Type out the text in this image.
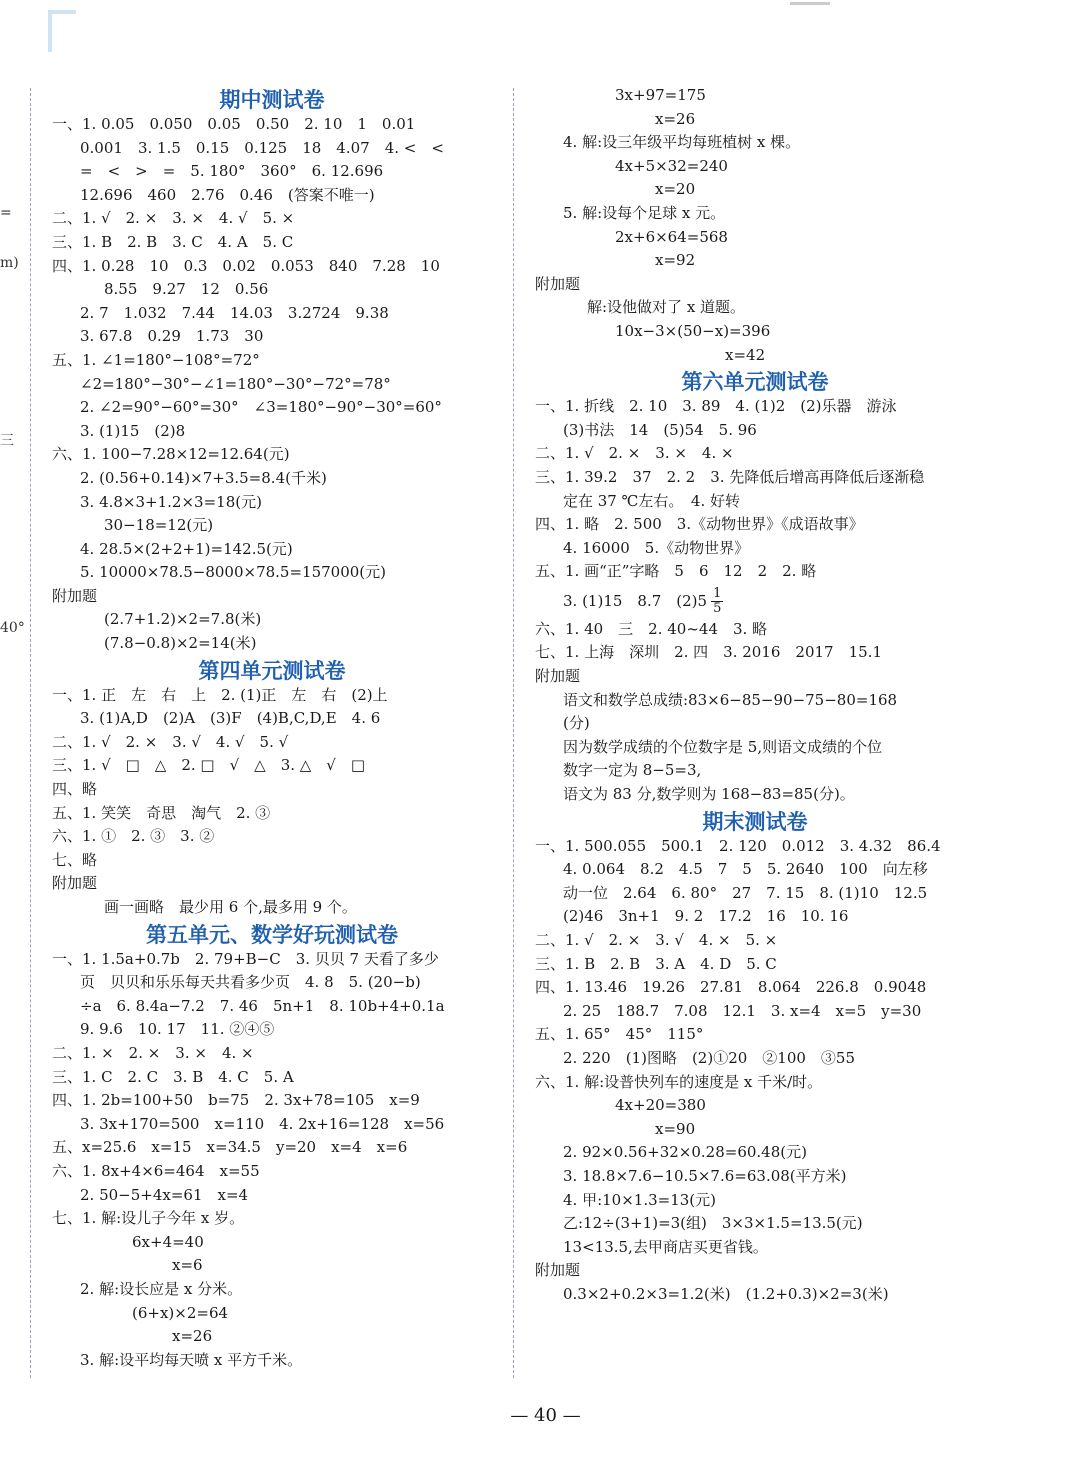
=
m)
三
40°
期中测试卷
一、1. 0.05　0.050　0.05　0.50　2. 10　1　0.01
0.001　3. 1.5　0.15　0.125　18　4.07　4. <　<
=　<　>　=　5. 180°　360°　6. 12.696
12.696　460　2.76　0.46　(答案不唯一)
二、1. √　2. ×　3. ×　4. √　5. ×
三、1. B　2. B　3. C　4. A　5. C
四、1. 0.28　10　0.3　0.02　0.053　840　7.28　10
8.55　9.27　12　0.56
2. 7　1.032　7.44　14.03　3.2724　9.38
3. 67.8　0.29　1.73　30
五、1. ∠1=180°−108°=72°
∠2=180°−30°−∠1=180°−30°−72°=78°
2. ∠2=90°−60°=30°　∠3=180°−90°−30°=60°
3. (1)15　(2)8
六、1. 100−7.28×12=12.64(元)
2. (0.56+0.14)×7+3.5=8.4(千米)
3. 4.8×3+1.2×3=18(元)
30−18=12(元)
4. 28.5×(2+2+1)=142.5(元)
5. 10000×78.5−8000×78.5=157000(元)
附加题
(2.7+1.2)×2=7.8(米)
(7.8−0.8)×2=14(米)
第四单元测试卷
一、1. 正　左　右　上　2. (1)正　左　右　(2)上
3. (1)A,D　(2)A　(3)F　(4)B,C,D,E　4. 6
二、1. √　2. ×　3. √　4. √　5. √
三、1. √　□　△　2. □　√　△　3. △　√　□
四、略
五、1. 笑笑　奇思　淘气　2. ③
六、1. ①　2. ③　3. ②
七、略
附加题
画一画略　最少用 6 个,最多用 9 个。
第五单元、数学好玩测试卷
一、1. 1.5a+0.7b　2. 79+B−C　3. 贝贝 7 天看了多少
页　贝贝和乐乐每天共看多少页　4. 8　5. (20−b)
÷a　6. 8.4a−7.2　7. 46　5n+1　8. 10b+4+0.1a
9. 9.6　10. 17　11. ②④⑤
二、1. ×　2. ×　3. ×　4. ×
三、1. C　2. C　3. B　4. C　5. A
四、1. 2b=100+50　b=75　2. 3x+78=105　x=9
3. 3x+170=500　x=110　4. 2x+16=128　x=56
五、x=25.6　x=15　x=34.5　y=20　x=4　x=6
六、1. 8x+4×6=464　x=55
2. 50−5+4x=61　x=4
七、1. 解:设儿子今年 x 岁。
6x+4=40
x=6
2. 解:设长应是 x 分米。
(6+x)×2=64
x=26
3. 解:设平均每天喷 x 平方千米。
3x+97=175
x=26
4. 解:设三年级平均每班植树 x 棵。
4x+5×32=240
x=20
5. 解:设每个足球 x 元。
2x+6×64=568
x=92
附加题
解:设他做对了 x 道题。
10x−3×(50−x)=396
x=42
第六单元测试卷
一、1. 折线　2. 10　3. 89　4. (1)2　(2)乐器　游泳
(3)书法　14　(5)54　5. 96
二、1. √　2. ×　3. ×　4. ×
三、1. 39.2　37　2. 2　3. 先降低后增高再降低后逐渐稳
定在 37 ℃左右。　4. 好转
四、1. 略　2. 500　3.《动物世界》《成语故事》
4. 16000　5.《动物世界》
五、1. 画“正”字略　5　6　12　2　2. 略
3. (1)15　8.7　$(2)5 \frac{1}{5}$
六、1. 40　三　2. 40~44　3. 略
七、1. 上海　深圳　2. 四　3. 2016　2017　15.1
附加题
语文和数学总成绩:83×6−85−90−75−80=168
(分)
因为数学成绩的个位数字是 5,则语文成绩的个位
数字一定为 8−5=3,
语文为 83 分,数学则为 168−83=85(分)。
期末测试卷
一、1. 500.055　500.1　2. 120　0.012　3. 4.32　86.4
4. 0.064　8.2　4.5　7　5　5. 2640　100　向左移
动一位　2.64　6. 80°　27　7. 15　8. (1)10　12.5
(2)46　3n+1　9. 2　17.2　16　10. 16
二、1. √　2. ×　3. √　4. ×　5. ×
三、1. B　2. B　3. A　4. D　5. C
四、1. 13.46　19.26　27.81　8.064　226.8　0.9048
2. 25　188.7　7.08　12.1　3. x=4　x=5　y=30
五、1. 65°　45°　115°
2. 220　(1)图略　(2)①20　②100　③55
六、1. 解:设普快列车的速度是 x 千米/时。
4x+20=380
x=90
2. 92×0.56+32×0.28=60.48(元)
3. 18.8×7.6−10.5×7.6=63.08(平方米)
4. 甲:10×1.3=13(元)
乙:12÷(3+1)=3(组)　3×3×1.5=13.5(元)
13<13.5,去甲商店买更省钱。
附加题
0.3×2+0.2×3=1.2(米)　(1.2+0.3)×2=3(米)
— 40 —
